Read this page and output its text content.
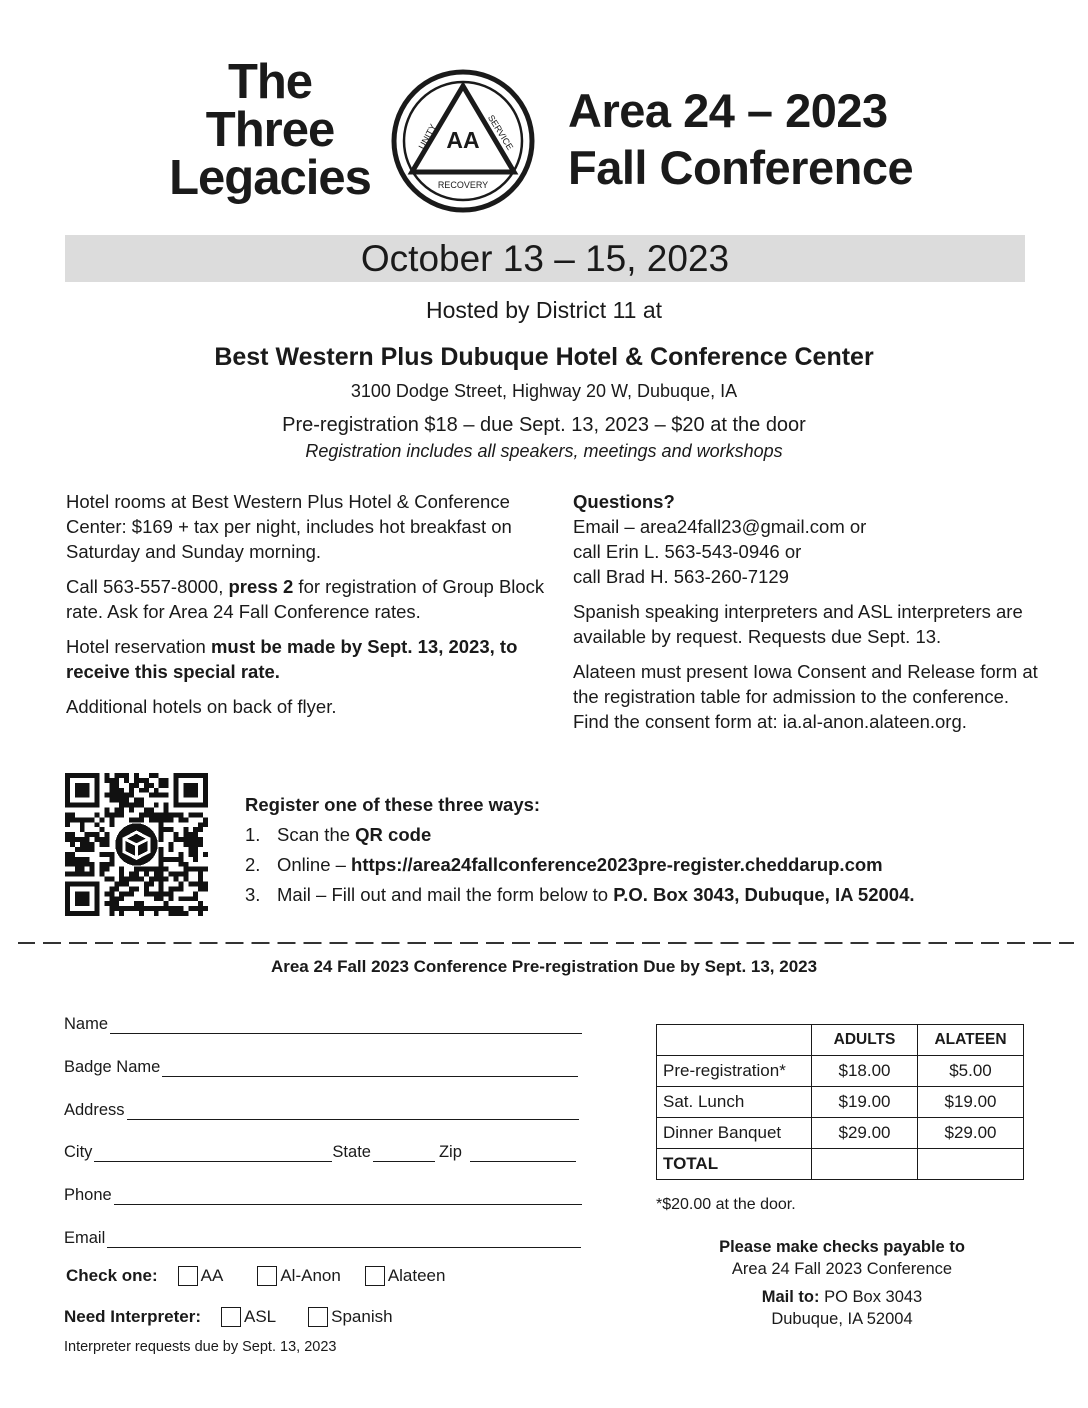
The
Three
Legacies
AA
UNITY	SERVICE
RECOVERY
Area 24 – 2023
Fall Conference
October 13 – 15, 2023
Hosted by District 11 at
Best Western Plus Dubuque Hotel & Conference Center
3100 Dodge Street, Highway 20 W, Dubuque, IA
Pre-registration $18 – due Sept. 13, 2023 – $20 at the door
Registration includes all speakers, meetings and workshops

Hotel rooms at Best Western Plus Hotel & Conference Center: $169 + tax per night, includes hot breakfast on Saturday and Sunday morning.

Call 563-557-8000, press 2 for registration of Group Block rate. Ask for Area 24 Fall Conference rates.

Hotel reservation must be made by Sept. 13, 2023, to receive this special rate.

Additional hotels on back of flyer.

Questions?
Email – area24fall23@gmail.com or
call Erin L. 563-543-0946 or
call Brad H. 563-260-7129

Spanish speaking interpreters and ASL interpreters are available by request. Requests due Sept. 13.

Alateen must present Iowa Consent and Release form at the registration table for admission to the conference. Find the consent form at: ia.al-anon.alateen.org.

Register one of these three ways:
1. Scan the QR code
2. Online – https://area24fallconference2023pre-register.cheddarup.com
3. Mail – Fill out and mail the form below to P.O. Box 3043, Dubuque, IA 52004.
Area 24 Fall 2023 Conference Pre-registration Due by Sept. 13, 2023
Name
Badge Name
Address
City	State	Zip
Phone
Email
Check one:	AA	Al-Anon	Alateen
Need Interpreter:	ASL	Spanish
Interpreter requests due by Sept. 13, 2023
	ADULTS	ALATEEN
Pre-registration*	$18.00	$5.00
Sat. Lunch	$19.00	$19.00
Dinner Banquet	$29.00	$29.00
TOTAL		
*$20.00 at the door.
Please make checks payable to
Area 24 Fall 2023 Conference
Mail to: PO Box 3043
Dubuque, IA 52004
